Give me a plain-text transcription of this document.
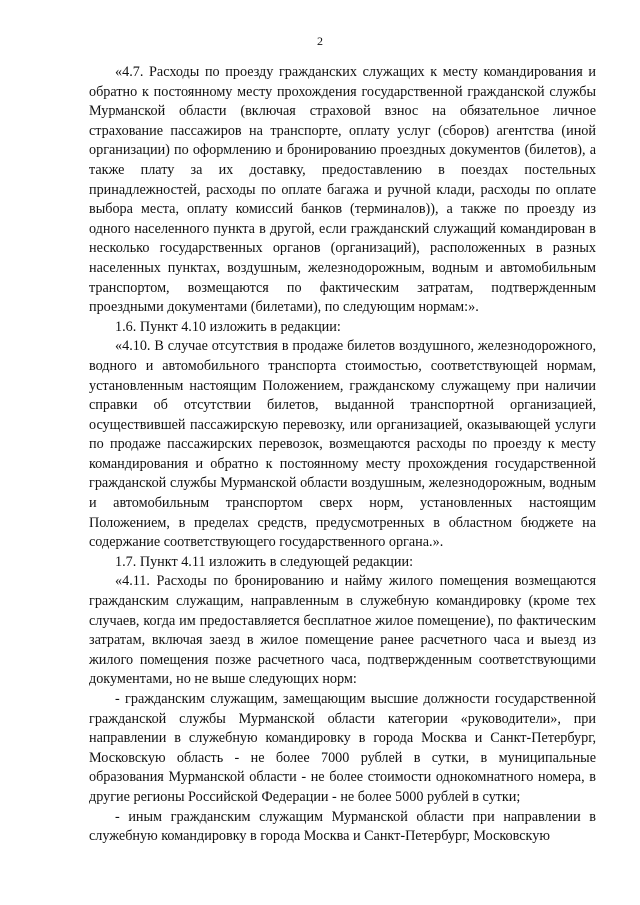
2

«4.7. Расходы по проезду гражданских служащих к месту командирования и обратно к постоянному месту прохождения государственной гражданской службы Мурманской области (включая страховой взнос на обязательное личное страхование пассажиров на транспорте, оплату услуг (сборов) агентства (иной организации) по оформлению и бронированию проездных документов (билетов), а также плату за их доставку, предоставлению в поездах постельных принадлежностей, расходы по оплате багажа и ручной клади, расходы по оплате выбора места, оплату комиссий банков (терминалов)), а также по проезду из одного населенного пункта в другой, если гражданский служащий командирован в несколько государственных органов (организаций), расположенных в разных населенных пунктах, воздушным, железнодорожным, водным и автомобильным транспортом, возмещаются по фактическим затратам, подтвержденным проездными документами (билетами), по следующим нормам:».

1.6. Пункт 4.10 изложить в редакции:

«4.10. В случае отсутствия в продаже билетов воздушного, железнодорожного, водного и автомобильного транспорта стоимостью, соответствующей нормам, установленным настоящим Положением, гражданскому служащему при наличии справки об отсутствии билетов, выданной транспортной организацией, осуществившей пассажирскую перевозку, или организацией, оказывающей услуги по продаже пассажирских перевозок, возмещаются расходы по проезду к месту командирования и обратно к постоянному месту прохождения государственной гражданской службы Мурманской области воздушным, железнодорожным, водным и автомобильным транспортом сверх норм, установленных настоящим Положением, в пределах средств, предусмотренных в областном бюджете на содержание соответствующего государственного органа.».

1.7. Пункт 4.11 изложить в следующей редакции:

«4.11. Расходы по бронированию и найму жилого помещения возмещаются гражданским служащим, направленным в служебную командировку (кроме тех случаев, когда им предоставляется бесплатное жилое помещение), по фактическим затратам, включая заезд в жилое помещение ранее расчетного часа и выезд из жилого помещения позже расчетного часа, подтвержденным соответствующими документами, но не выше следующих норм:

- гражданским служащим, замещающим высшие должности государственной гражданской службы Мурманской области категории «руководители», при направлении в служебную командировку в города Москва и Санкт-Петербург, Московскую область - не более 7000 рублей в сутки, в муниципальные образования Мурманской области - не более стоимости однокомнатного номера, в другие регионы Российской Федерации - не более 5000 рублей в сутки;

- иным гражданским служащим Мурманской области при направлении в служебную командировку в города Москва и Санкт-Петербург, Московскую
